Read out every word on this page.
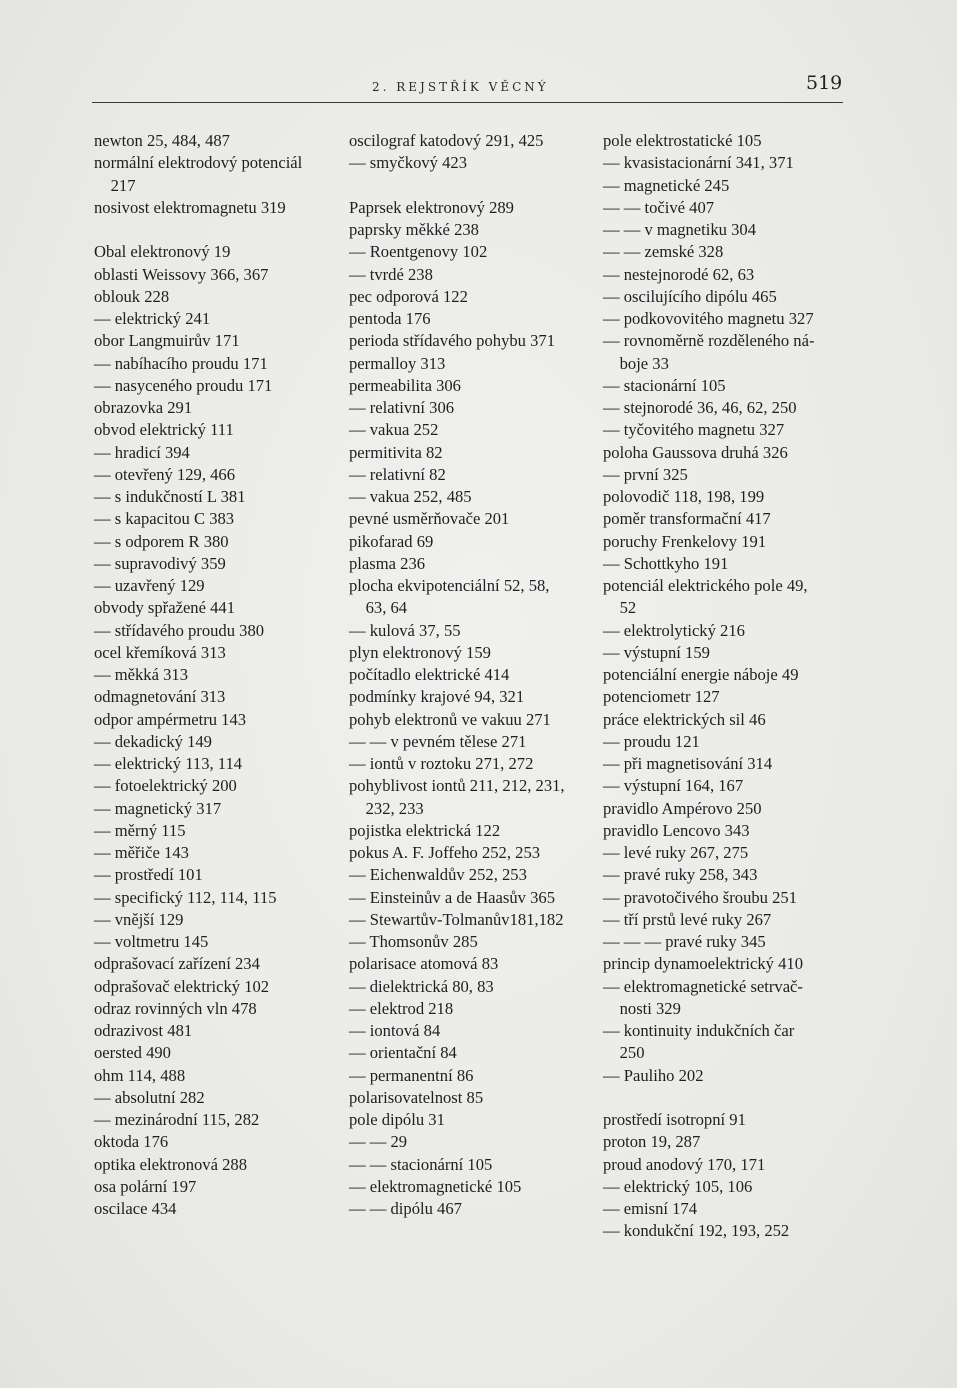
2. REJSTŘÍK VĚCNÝ	519
newton 25, 484, 487
normální elektrodový potenciál
217
nosivost elektromagnetu 319
Obal elektronový 19
oblasti Weissovy 366, 367
oblouk 228
— elektrický 241
obor Langmuirův 171
— nabíhacího proudu 171
— nasyceného proudu 171
obrazovka 291
obvod elektrický 111
— hradicí 394
— otevřený 129, 466
— s indukčností L 381
— s kapacitou C 383
— s odporem R 380
— supravodivý 359
— uzavřený 129
obvody spřažené 441
— střídavého proudu 380
ocel křemíková 313
— měkká 313
odmagnetování 313
odpor ampérmetru 143
— dekadický 149
— elektrický 113, 114
— fotoelektrický 200
— magnetický 317
— měrný 115
— měřiče 143
— prostředí 101
— specifický 112, 114, 115
— vnější 129
— voltmetru 145
odprašovací zařízení 234
odprašovač elektrický 102
odraz rovinných vln 478
odrazivost 481
oersted 490
ohm 114, 488
— absolutní 282
— mezinárodní 115, 282
oktoda 176
optika elektronová 288
osa polární 197
oscilace 434
oscilograf katodový 291, 425
— smyčkový 423
Paprsek elektronový 289
paprsky měkké 238
— Roentgenovy 102
— tvrdé 238
pec odporová 122
pentoda 176
perioda střídavého pohybu 371
permalloy 313
permeabilita 306
— relativní 306
— vakua 252
permitivita 82
— relativní 82
— vakua 252, 485
pevné usměrňovače 201
pikofarad 69
plasma 236
plocha ekvipotenciální 52, 58,
63, 64
— kulová 37, 55
plyn elektronový 159
počítadlo elektrické 414
podmínky krajové 94, 321
pohyb elektronů ve vakuu 271
— — v pevném tělese 271
— iontů v roztoku 271, 272
pohyblivost iontů 211, 212, 231,
232, 233
pojistka elektrická 122
pokus A. F. Joffeho 252, 253
— Eichenwaldův 252, 253
— Einsteinův a de Haasův 365
— Stewartův-Tolmanův181,182
— Thomsonův 285
polarisace atomová 83
— dielektrická 80, 83
— elektrod 218
— iontová 84
— orientační 84
— permanentní 86
polarisovatelnost 85
pole dipólu 31
— — 29
— — stacionární 105
— elektromagnetické 105
— — dipólu 467
pole elektrostatické 105
— kvasistacionární 341, 371
— magnetické 245
— — točivé 407
— — v magnetiku 304
— — zemské 328
— nestejnorodé 62, 63
— oscilujícího dipólu 465
— podkovovitého magnetu 327
— rovnoměrně rozděleného ná-
boje 33
— stacionární 105
— stejnorodé 36, 46, 62, 250
— tyčovitého magnetu 327
poloha Gaussova druhá 326
— první 325
polovodič 118, 198, 199
poměr transformační 417
poruchy Frenkelovy 191
— Schottkyho 191
potenciál elektrického pole 49,
52
— elektrolytický 216
— výstupní 159
potenciální energie náboje 49
potenciometr 127
práce elektrických sil 46
— proudu 121
— při magnetisování 314
— výstupní 164, 167
pravidlo Ampérovo 250
pravidlo Lencovo 343
— levé ruky 267, 275
— pravé ruky 258, 343
— pravotočivého šroubu 251
— tří prstů levé ruky 267
— — — pravé ruky 345
princip dynamoelektrický 410
— elektromagnetické setrvač-
nosti 329
— kontinuity indukčních čar
250
— Pauliho 202
prostředí isotropní 91
proton 19, 287
proud anodový 170, 171
— elektrický 105, 106
— emisní 174
— kondukční 192, 193, 252
